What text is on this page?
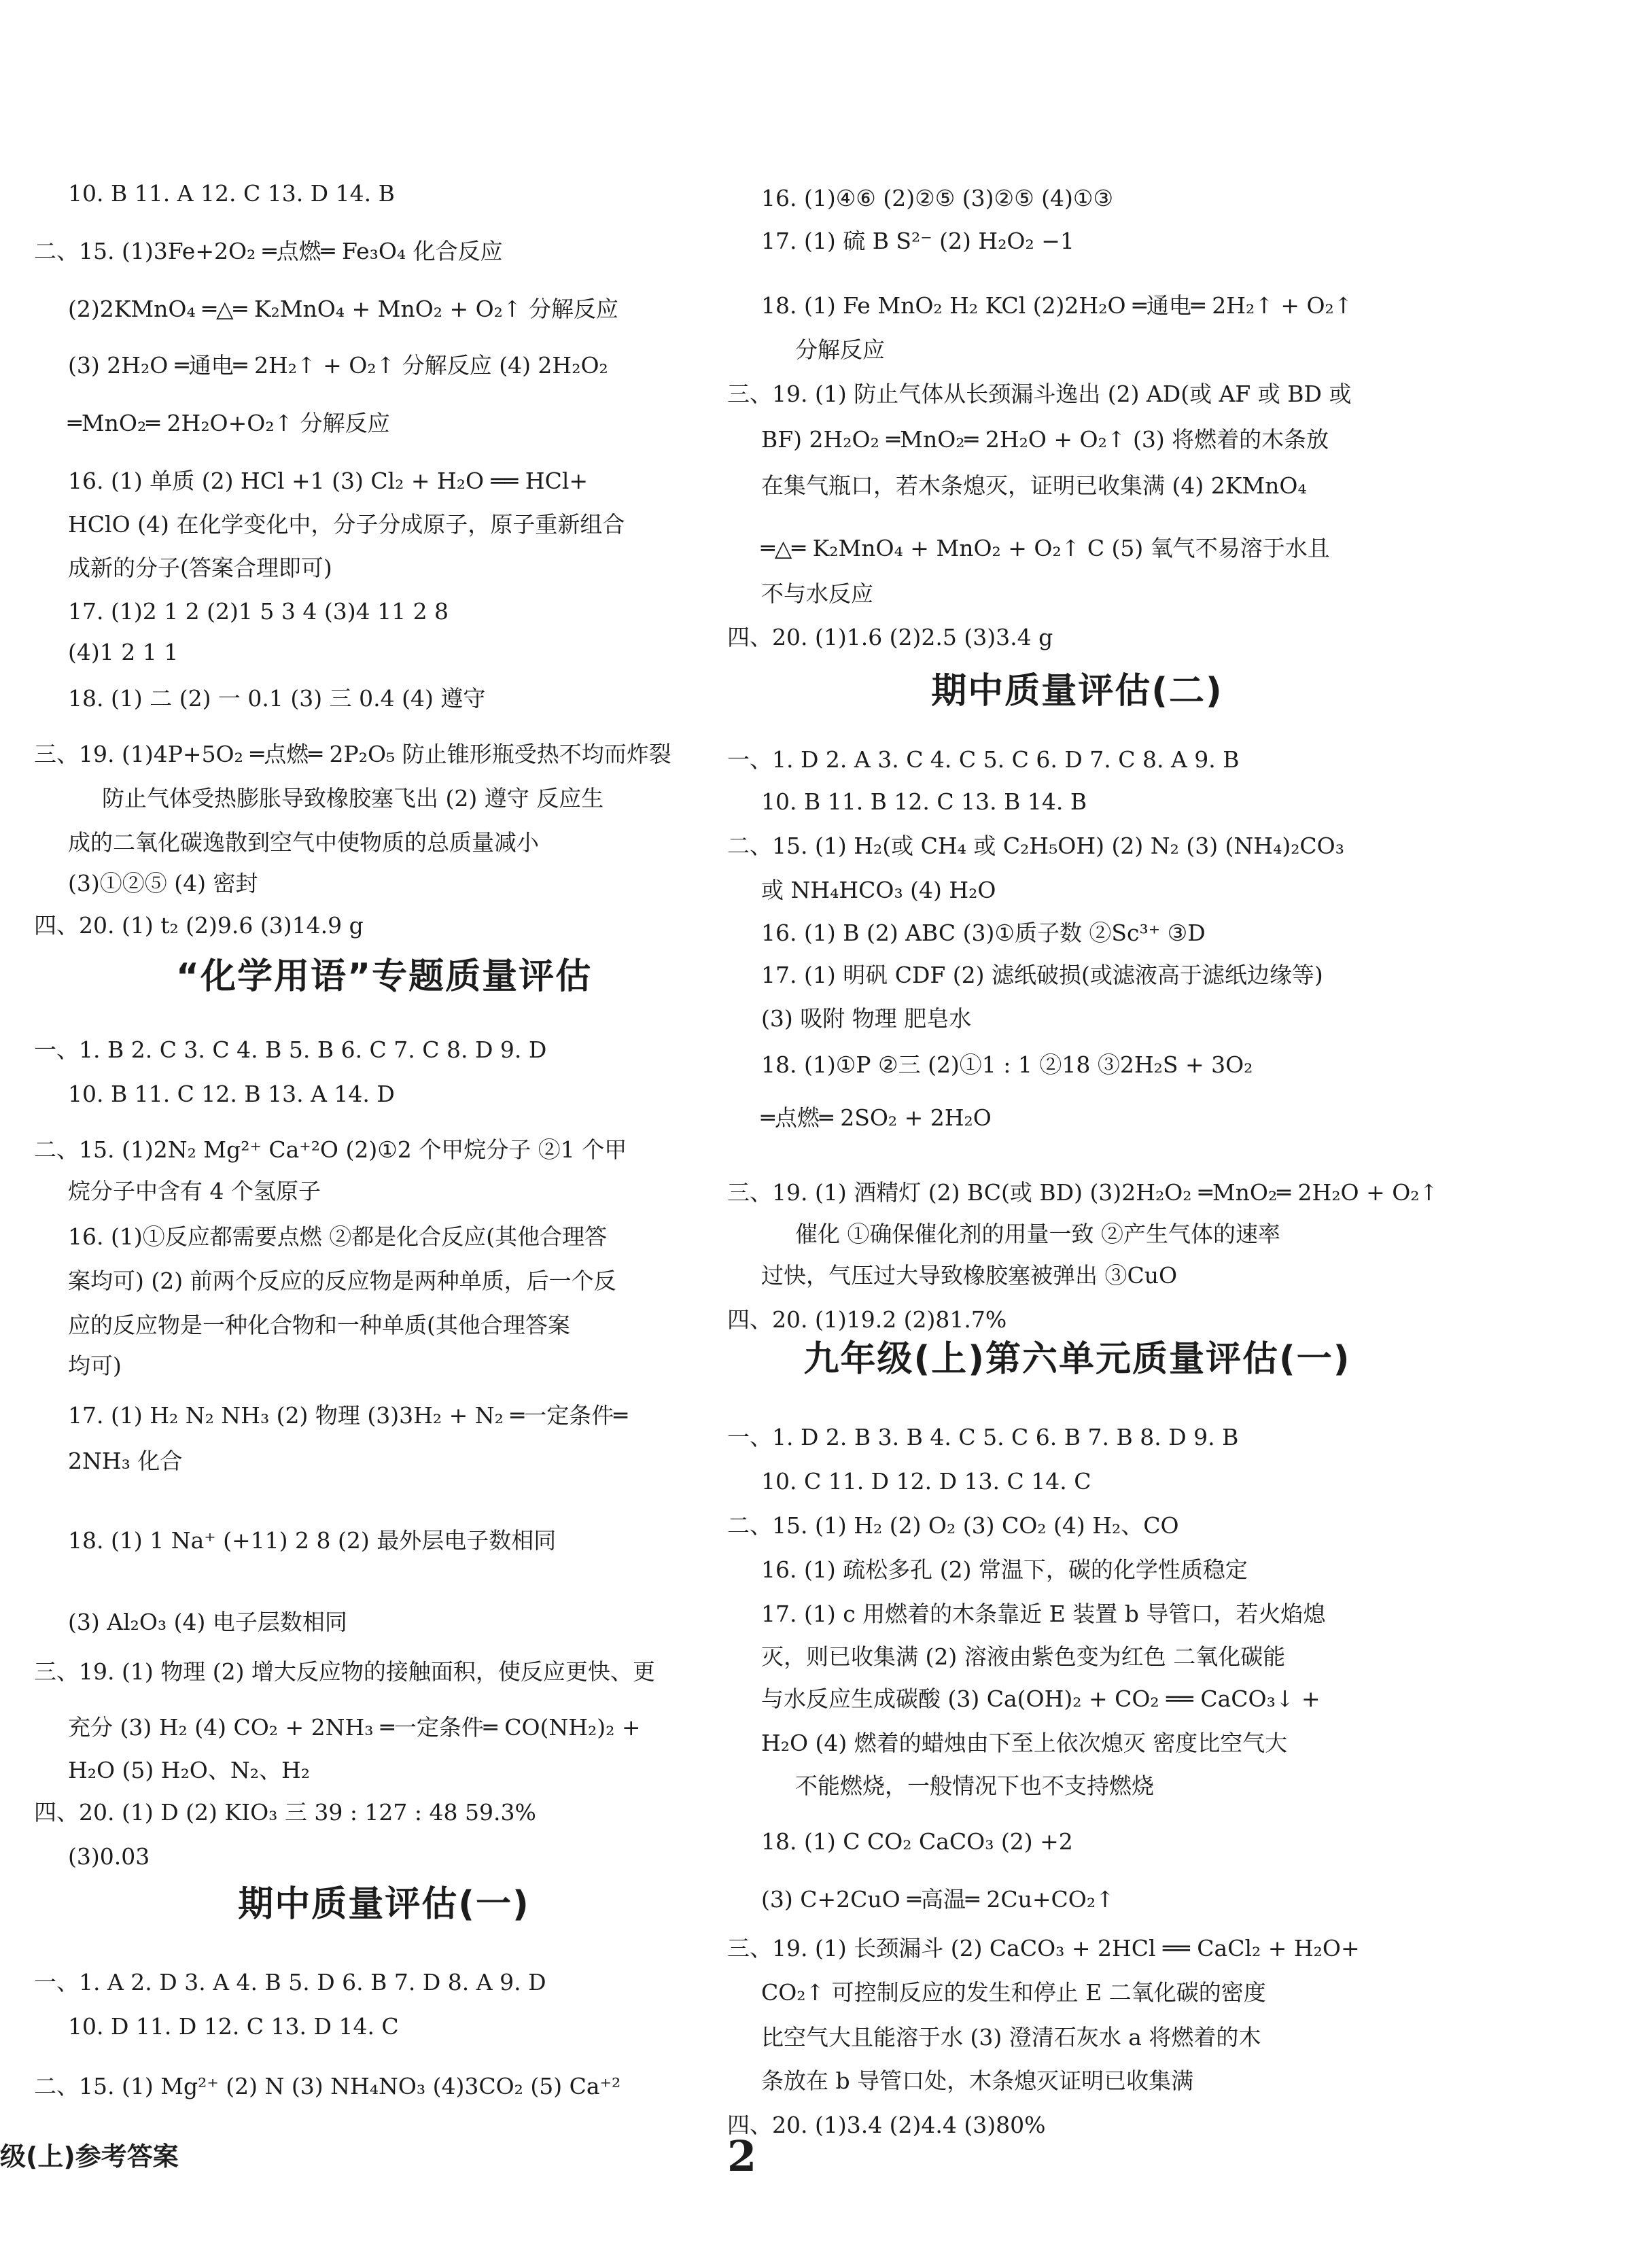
10. B 11. A 12. C 13. D 14. B
二、15. (1)3Fe+2O₂ ═点燃═ Fe₃O₄ 化合反应
(2)2KMnO₄ ═△═ K₂MnO₄ + MnO₂ + O₂↑ 分解反应
(3) 2H₂O ═通电═ 2H₂↑ + O₂↑ 分解反应 (4) 2H₂O₂
═MnO₂═ 2H₂O+O₂↑ 分解反应
16. (1) 单质 (2) HCl +1 (3) Cl₂ + H₂O ══ HCl+
HClO (4) 在化学变化中，分子分成原子，原子重新组合
成新的分子(答案合理即可)
17. (1)2 1 2 (2)1 5 3 4 (3)4 11 2 8
(4)1 2 1 1
18. (1) 二 (2) 一 0.1 (3) 三 0.4 (4) 遵守
三、19. (1)4P+5O₂ ═点燃═ 2P₂O₅ 防止锥形瓶受热不均而炸裂
防止气体受热膨胀导致橡胶塞飞出 (2) 遵守 反应生
成的二氧化碳逸散到空气中使物质的总质量减小
(3)①②⑤ (4) 密封
四、20. (1) t₂ (2)9.6 (3)14.9 g
一、1. B 2. C 3. C 4. B 5. B 6. C 7. C 8. D 9. D
10. B 11. C 12. B 13. A 14. D
二、15. (1)2N₂ Mg²⁺ Ca⁺²O (2)①2 个甲烷分子 ②1 个甲
烷分子中含有 4 个氢原子
16. (1)①反应都需要点燃 ②都是化合反应(其他合理答
案均可) (2) 前两个反应的反应物是两种单质，后一个反
应的反应物是一种化合物和一种单质(其他合理答案
均可)
17. (1) H₂ N₂ NH₃ (2) 物理 (3)3H₂ + N₂ ═一定条件═
2NH₃ 化合
18. (1) 1 Na⁺ (+11) 2 8 (2) 最外层电子数相同
(3) Al₂O₃ (4) 电子层数相同
三、19. (1) 物理 (2) 增大反应物的接触面积，使反应更快、更
充分 (3) H₂ (4) CO₂ + 2NH₃ ═一定条件═ CO(NH₂)₂ +
H₂O (5) H₂O、N₂、H₂
四、20. (1) D (2) KIO₃ 三 39 : 127 : 48 59.3%
(3)0.03
一、1. A 2. D 3. A 4. B 5. D 6. B 7. D 8. A 9. D
10. D 11. D 12. C 13. D 14. C
二、15. (1) Mg²⁺ (2) N (3) NH₄NO₃ (4)3CO₂ (5) Ca⁺²
“化学用语”专题质量评估
期中质量评估(一)
16. (1)④⑥ (2)②⑤ (3)②⑤ (4)①③
17. (1) 硫 B S²⁻ (2) H₂O₂ −1
18. (1) Fe MnO₂ H₂ KCl (2)2H₂O ═通电═ 2H₂↑ + O₂↑
分解反应
三、19. (1) 防止气体从长颈漏斗逸出 (2) AD(或 AF 或 BD 或
BF) 2H₂O₂ ═MnO₂═ 2H₂O + O₂↑ (3) 将燃着的木条放
在集气瓶口，若木条熄灭，证明已收集满 (4) 2KMnO₄
═△═ K₂MnO₄ + MnO₂ + O₂↑ C (5) 氧气不易溶于水且
不与水反应
四、20. (1)1.6 (2)2.5 (3)3.4 g
一、1. D 2. A 3. C 4. C 5. C 6. D 7. C 8. A 9. B
10. B 11. B 12. C 13. B 14. B
二、15. (1) H₂(或 CH₄ 或 C₂H₅OH) (2) N₂ (3) (NH₄)₂CO₃
或 NH₄HCO₃ (4) H₂O
16. (1) B (2) ABC (3)①质子数 ②Sc³⁺ ③D
17. (1) 明矾 CDF (2) 滤纸破损(或滤液高于滤纸边缘等)
(3) 吸附 物理 肥皂水
18. (1)①P ②三 (2)①1 : 1 ②18 ③2H₂S + 3O₂
═点燃═ 2SO₂ + 2H₂O
三、19. (1) 酒精灯 (2) BC(或 BD) (3)2H₂O₂ ═MnO₂═ 2H₂O + O₂↑
催化 ①确保催化剂的用量一致 ②产生气体的速率
过快，气压过大导致橡胶塞被弹出 ③CuO
四、20. (1)19.2 (2)81.7%
一、1. D 2. B 3. B 4. C 5. C 6. B 7. B 8. D 9. B
10. C 11. D 12. D 13. C 14. C
二、15. (1) H₂ (2) O₂ (3) CO₂ (4) H₂、CO
16. (1) 疏松多孔 (2) 常温下，碳的化学性质稳定
17. (1) c 用燃着的木条靠近 E 装置 b 导管口，若火焰熄
灭，则已收集满 (2) 溶液由紫色变为红色 二氧化碳能
与水反应生成碳酸 (3) Ca(OH)₂ + CO₂ ══ CaCO₃↓ +
H₂O (4) 燃着的蜡烛由下至上依次熄灭 密度比空气大
不能燃烧，一般情况下也不支持燃烧
18. (1) C CO₂ CaCO₃ (2) +2
(3) C+2CuO ═高温═ 2Cu+CO₂↑
三、19. (1) 长颈漏斗 (2) CaCO₃ + 2HCl ══ CaCl₂ + H₂O+
CO₂↑ 可控制反应的发生和停止 E 二氧化碳的密度
比空气大且能溶于水 (3) 澄清石灰水 a 将燃着的木
条放在 b 导管口处，木条熄灭证明已收集满
四、20. (1)3.4 (2)4.4 (3)80%
期中质量评估(二)
九年级(上)第六单元质量评估(一)
级(上)参考答案	2
